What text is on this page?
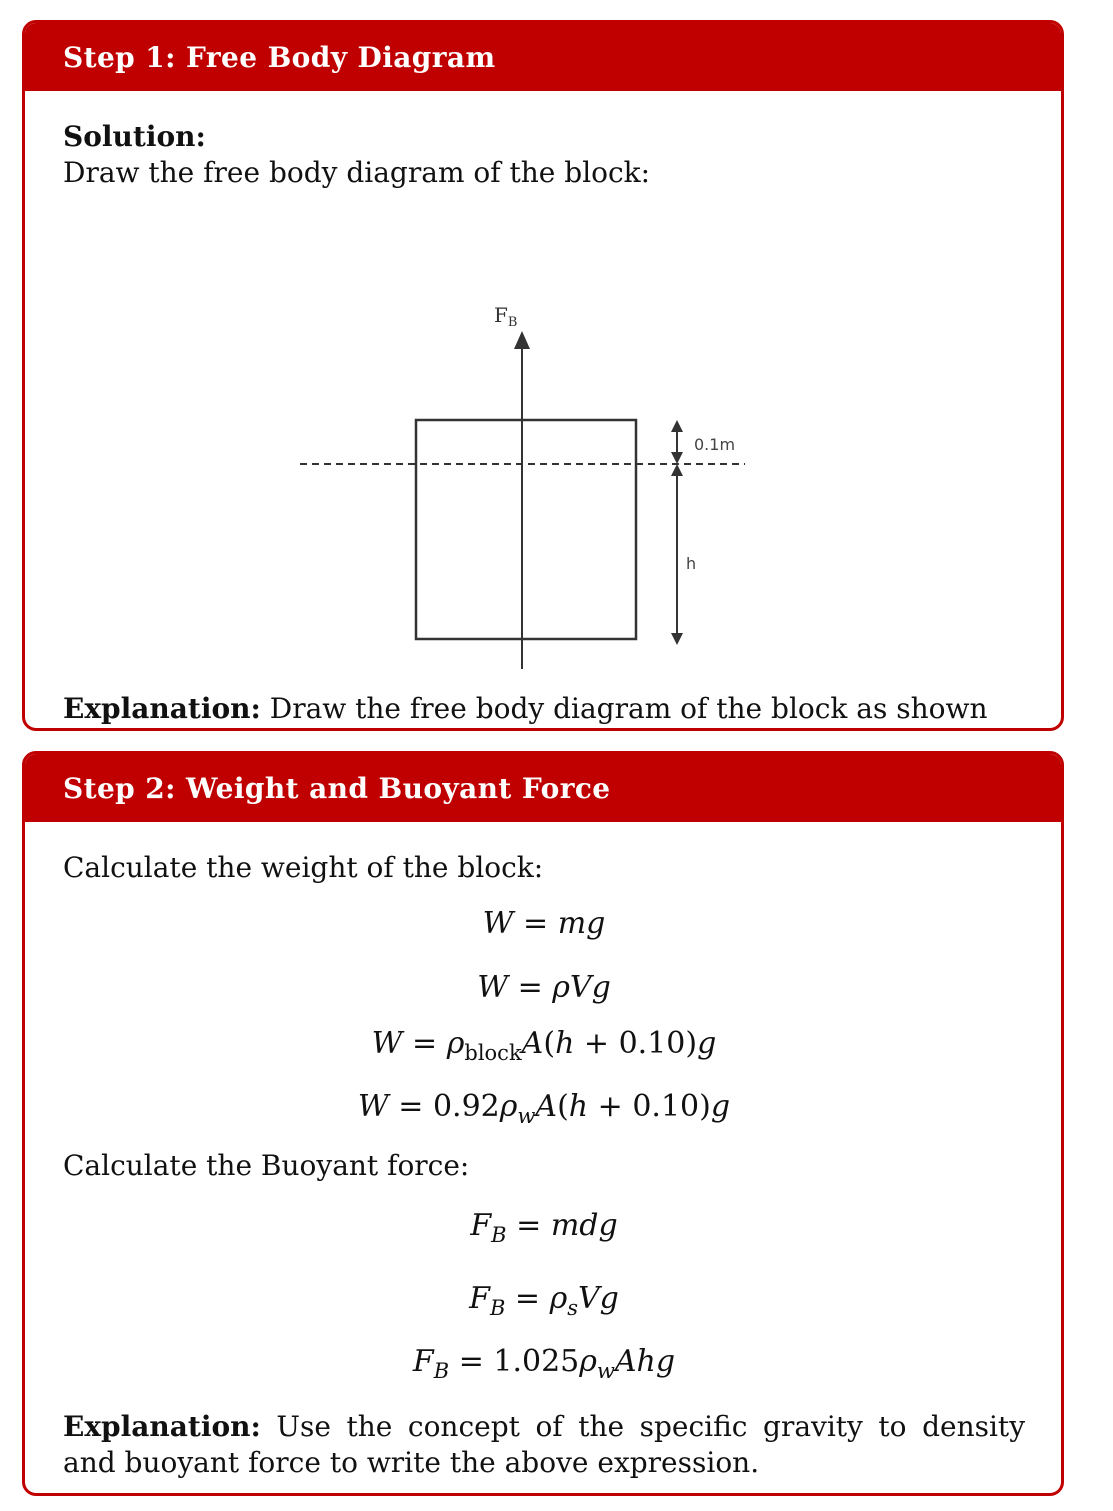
Step 1: Free Body Diagram

Solution:

Draw the free body diagram of the block:

$F_B$
0.1m
h

Explanation: Draw the free body diagram of the block as shown

Step 2: Weight and Buoyant Force

Calculate the weight of the block:

W = mg

W = ρVg

$W = \rho_{block}A(h + 0.10)g$

$W = 0.92\rho_wA(h + 0.10)g$

Calculate the Buoyant force:

$F_B$ = mdg

$F_B = \rho_sVg$

$F_B = 1.025\rho_wAhg$

Explanation: Use the concept of the specific gravity to density and buoyant force to write the above expression.
